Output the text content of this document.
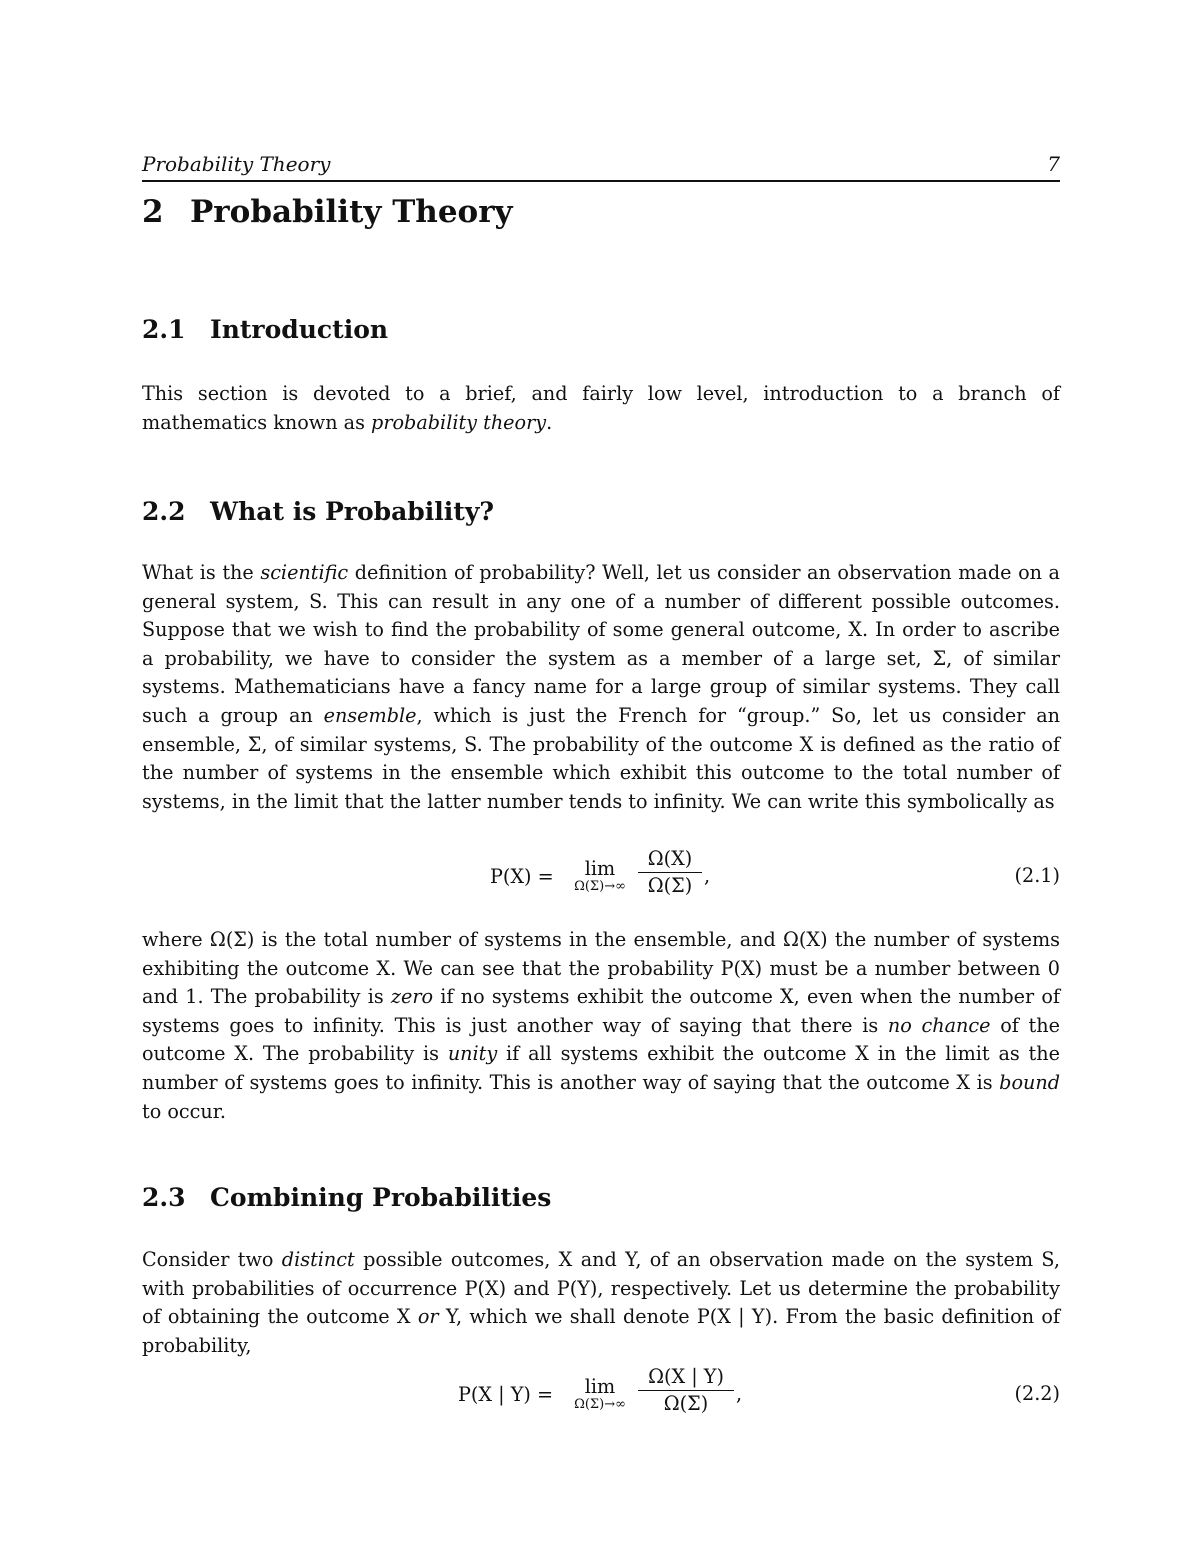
Probability Theory	7
2 Probability Theory
2.1 Introduction

This section is devoted to a brief, and fairly low level, introduction to a branch of mathematics known as probability theory.

2.2 What is Probability?

What is the scientific definition of probability? Well, let us consider an observation made on a general system, S. This can result in any one of a number of different possible outcomes. Suppose that we wish to find the probability of some general outcome, X. In order to ascribe a probability, we have to consider the system as a member of a large set, Σ, of similar systems. Mathematicians have a fancy name for a large group of similar systems. They call such a group an ensemble, which is just the French for “group.” So, let us consider an ensemble, Σ, of similar systems, S. The probability of the outcome X is defined as the ratio of the number of systems in the ensemble which exhibit this outcome to the total number of systems, in the limit that the latter number tends to infinity. We can write this symbolically as

P(X) =	lim
$\Omega(\Sigma)\to\infty \frac{\Omega(X)}{\Omega(\Sigma)}$ ,	(2.1)

where Ω(Σ) is the total number of systems in the ensemble, and Ω(X) the number of systems exhibiting the outcome X. We can see that the probability P(X) must be a number between 0 and 1. The probability is zero if no systems exhibit the outcome X, even when the number of systems goes to infinity. This is just another way of saying that there is no chance of the outcome X. The probability is unity if all systems exhibit the outcome X in the limit as the number of systems goes to infinity. This is another way of saying that the outcome X is bound to occur.

2.3 Combining Probabilities

Consider two distinct possible outcomes, X and Y, of an observation made on the system S, with probabilities of occurrence P(X) and P(Y), respectively. Let us determine the probability of obtaining the outcome X or Y, which we shall denote P(X | Y). From the basic definition of probability,

P(X | Y) =	lim
$\Omega(\Sigma)\to\infty \frac{\Omega(X | Y)}{\Omega(\Sigma)}$ ,	(2.2)
